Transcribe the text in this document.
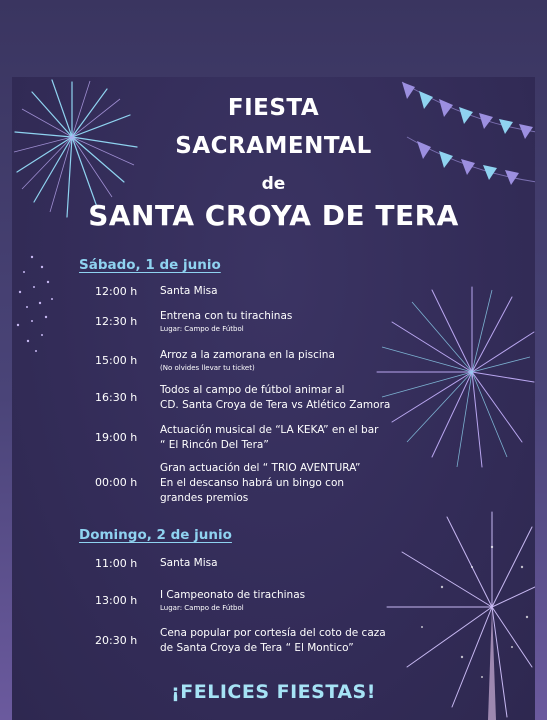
FIESTA
SACRAMENTAL
de
SANTA CROYA DE TERA
Sábado, 1 de junio
12:00 h Santa Misa
12:30 h Entrena con tu tirachinas
Lugar: Campo de Fútbol
15:00 h Arroz a la zamorana en la piscina
(No olvides llevar tu ticket)
16:30 h
Todos al campo de fútbol animar al
CD. Santa Croya de Tera vs Atlético Zamora
19:00 h
Actuación musical de “LA KEKA” en el bar
“ El Rincón Del Tera”
00:00 h
Gran actuación del “ TRIO AVENTURA”
En el descanso habrá un bingo con
grandes premios
Domingo, 2 de junio
11:00 h Santa Misa
13:00 h I Campeonato de tirachinas
Lugar: Campo de Fútbol
20:30 h
Cena popular por cortesía del coto de caza
de Santa Croya de Tera “ El Montico”
¡FELICES FIESTAS!
